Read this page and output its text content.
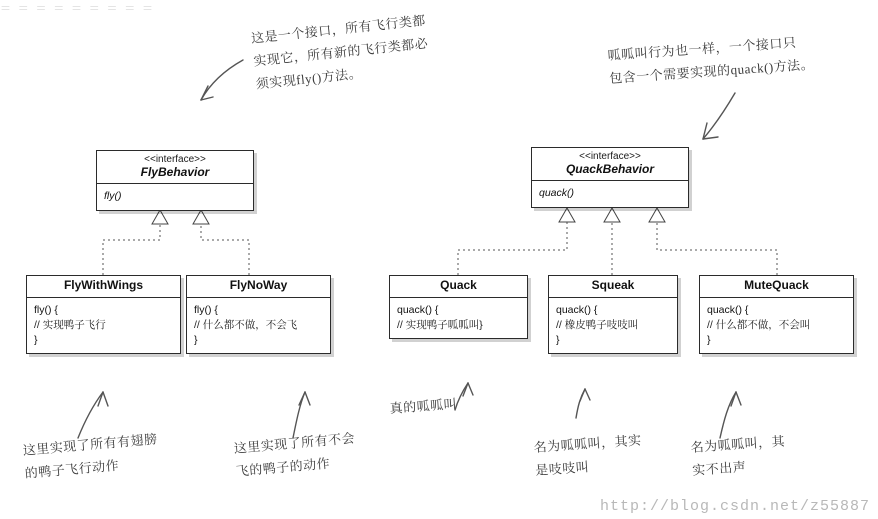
＝ ＝ ＝ ＝ ＝ ＝ ＝ ＝ ＝
<<interface>>
FlyBehavior
fly()
<<interface>>
QuackBehavior
quack()
FlyWithWings
fly() {
// 实现鸭子飞行
}
FlyNoWay
fly() {
// 什么都不做，不会飞
}
Quack
quack() {
// 实现鸭子呱呱叫}
Squeak
quack() {
// 橡皮鸭子吱吱叫
}
MuteQuack
quack() {
// 什么都不做，不会叫
}
这是一个接口，所有飞行类都
实现它，所有新的飞行类都必
须实现fly()方法。
呱呱叫行为也一样，一个接口只
包含一个需要实现的quack()方法。
这里实现了所有有翅膀
的鸭子飞行动作
这里实现了所有不会
飞的鸭子的动作
真的呱呱叫
名为呱呱叫，其实
是吱吱叫
名为呱呱叫，其
实不出声
http://blog.csdn.net/z55887
